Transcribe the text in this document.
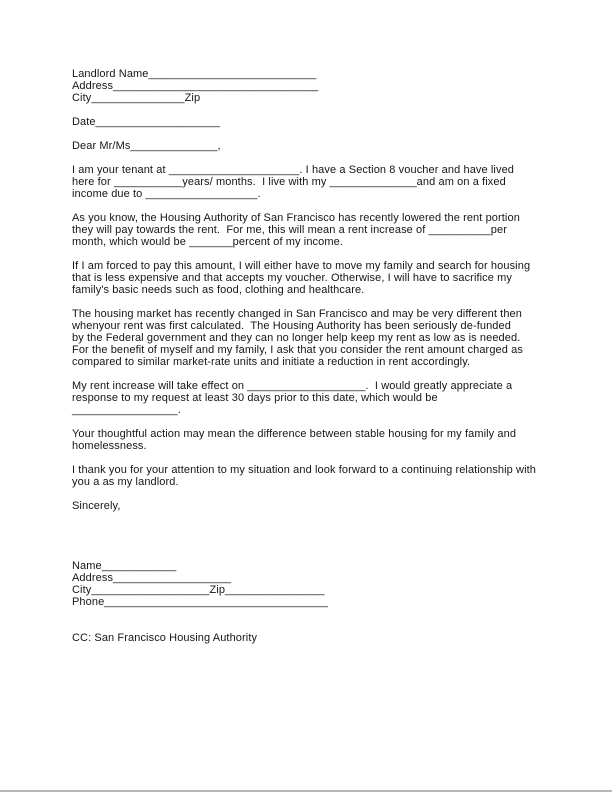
Landlord Name___________________________
Address_________________________________
City_______________Zip
Date____________________
Dear Mr/Ms______________,
I am your tenant at _____________________. I have a Section 8 voucher and have lived
here for ___________years/ months.  I live with my ______________and am on a fixed
income due to __________________.
As you know, the Housing Authority of San Francisco has recently lowered the rent portion
they will pay towards the rent.  For me, this will mean a rent increase of __________per
month, which would be _______percent of my income.
If I am forced to pay this amount, I will either have to move my family and search for housing
that is less expensive and that accepts my voucher. Otherwise, I will have to sacrifice my
family's basic needs such as food, clothing and healthcare.
The housing market has recently changed in San Francisco and may be very different then
whenyour rent was first calculated.  The Housing Authority has been seriously de-funded
by the Federal government and they can no longer help keep my rent as low as is needed.
For the benefit of myself and my family, I ask that you consider the rent amount charged as
compared to similar market-rate units and initiate a reduction in rent accordingly.
My rent increase will take effect on ___________________.  I would greatly appreciate a
response to my request at least 30 days prior to this date, which would be
_________________.
Your thoughtful action may mean the difference between stable housing for my family and
homelessness.
I thank you for your attention to my situation and look forward to a continuing relationship with
you a as my landlord.
Sincerely,
Name____________
Address___________________
City___________________Zip________________
Phone____________________________________
CC: San Francisco Housing Authority
